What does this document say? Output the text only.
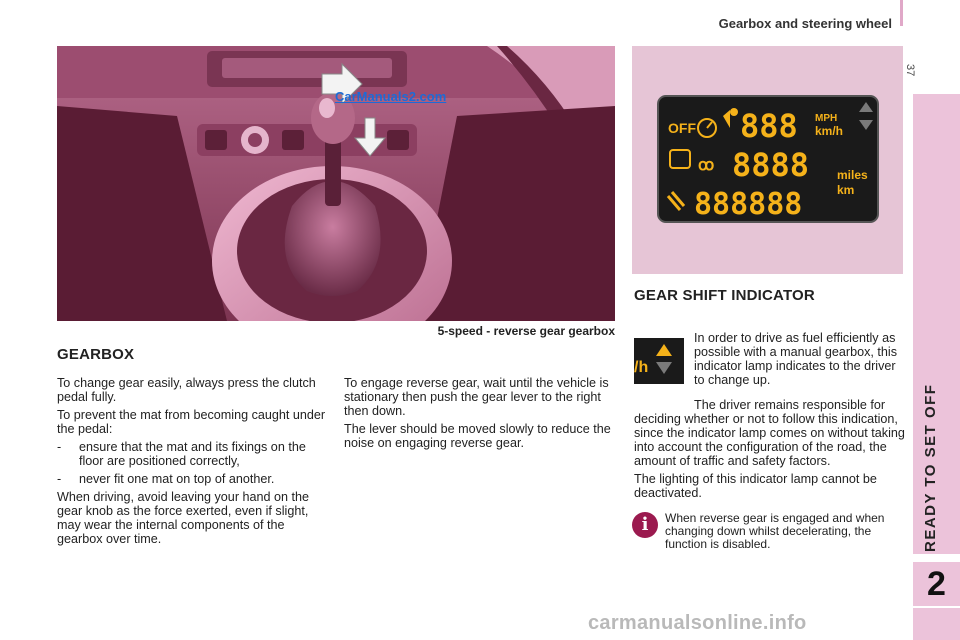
Gearbox and steering wheel
37
READY TO SET OFF
2
CarManuals2.com
5-speed - reverse gear gearbox
OFF 888 MPH
km/h
ꝏ 8888 miles
888888	km
GEARBOX

To change gear easily, always press the clutch pedal fully.

To prevent the mat from becoming caught under the pedal:

-	ensure that the mat and its fixings on the floor are positioned correctly,
-	never fit one mat on top of another.

When driving, avoid leaving your hand on the gear knob as the force exerted, even if slight, may wear the internal components of the gearbox over time.

To engage reverse gear, wait until the vehicle is stationary then push the gear lever to the right then down.

The lever should be moved slowly to reduce the noise on engaging reverse gear.

GEAR SHIFT INDICATOR
/h

In order to drive as fuel efficiently as possible with a manual gearbox, this indicator lamp indicates to the driver to change up.

The driver remains responsible for deciding whether or not to follow this indication, since the indicator lamp comes on without taking into account the configuration of the road, the amount of traffic and safety factors.

The lighting of this indicator lamp cannot be deactivated.

i	When reverse gear is engaged and when changing down whilst decelerating, the function is disabled.
carmanualsonline.info
